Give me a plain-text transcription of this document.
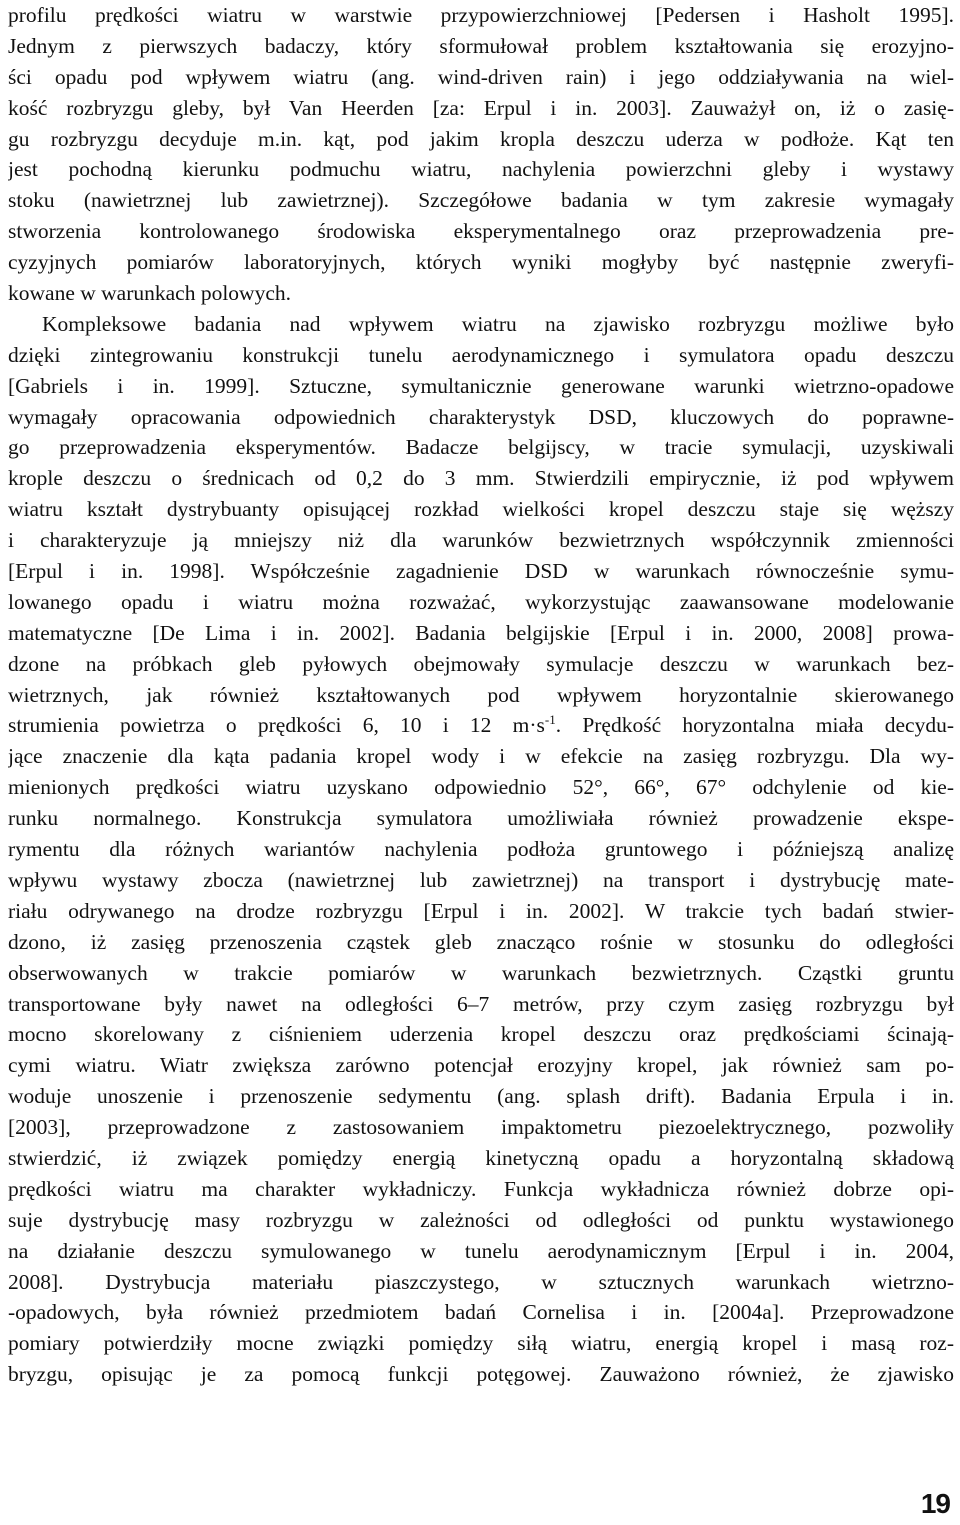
profilu prędkości wiatru w warstwie przypowierzchniowej [Pedersen i Hasholt 1995].
Jednym z pierwszych badaczy, który sformułował problem kształtowania się erozyjno-
ści opadu pod wpływem wiatru (ang. wind-driven rain) i jego oddziaływania na wiel-
kość rozbryzgu gleby, był Van Heerden [za: Erpul i in. 2003]. Zauważył on, iż o zasię-
gu rozbryzgu decyduje m.in. kąt, pod jakim kropla deszczu uderza w podłoże. Kąt ten
jest pochodną kierunku podmuchu wiatru, nachylenia powierzchni gleby i wystawy
stoku (nawietrznej lub zawietrznej). Szczegółowe badania w tym zakresie wymagały
stworzenia kontrolowanego środowiska eksperymentalnego oraz przeprowadzenia pre-
cyzyjnych pomiarów laboratoryjnych, których wyniki mogłyby być następnie zweryfi-
kowane w warunkach polowych.
Kompleksowe badania nad wpływem wiatru na zjawisko rozbryzgu możliwe było
dzięki zintegrowaniu konstrukcji tunelu aerodynamicznego i symulatora opadu deszczu
[Gabriels i in. 1999]. Sztuczne, symultanicznie generowane warunki wietrzno-opadowe
wymagały opracowania odpowiednich charakterystyk DSD, kluczowych do poprawne-
go przeprowadzenia eksperymentów. Badacze belgijscy, w tracie symulacji, uzyskiwali
krople deszczu o średnicach od 0,2 do 3 mm. Stwierdzili empirycznie, iż pod wpływem
wiatru kształt dystrybuanty opisującej rozkład wielkości kropel deszczu staje się węższy
i charakteryzuje ją mniejszy niż dla warunków bezwietrznych współczynnik zmienności
[Erpul i in. 1998]. Współcześnie zagadnienie DSD w warunkach równocześnie symu-
lowanego opadu i wiatru można rozważać, wykorzystując zaawansowane modelowanie
matematyczne [De Lima i in. 2002]. Badania belgijskie [Erpul i in. 2000, 2008] prowa-
dzone na próbkach gleb pyłowych obejmowały symulacje deszczu w warunkach bez-
wietrznych, jak również kształtowanych pod wpływem horyzontalnie skierowanego
strumienia powietrza o prędkości 6, 10 i 12 $m\cdot s^{-1}$. Prędkość horyzontalna miała decydu-
jące znaczenie dla kąta padania kropel wody i w efekcie na zasięg rozbryzgu. Dla wy-
mienionych prędkości wiatru uzyskano odpowiednio 52°, 66°, 67° odchylenie od kie-
runku normalnego. Konstrukcja symulatora umożliwiała również prowadzenie ekspe-
rymentu dla różnych wariantów nachylenia podłoża gruntowego i późniejszą analizę
wpływu wystawy zbocza (nawietrznej lub zawietrznej) na transport i dystrybucję mate-
riału odrywanego na drodze rozbryzgu [Erpul i in. 2002]. W trakcie tych badań stwier-
dzono, iż zasięg przenoszenia cząstek gleb znacząco rośnie w stosunku do odległości
obserwowanych w trakcie pomiarów w warunkach bezwietrznych. Cząstki gruntu
transportowane były nawet na odległości 6–7 metrów, przy czym zasięg rozbryzgu był
mocno skorelowany z ciśnieniem uderzenia kropel deszczu oraz prędkościami ścinają-
cymi wiatru. Wiatr zwiększa zarówno potencjał erozyjny kropel, jak również sam po-
woduje unoszenie i przenoszenie sedymentu (ang. splash drift). Badania Erpula i in.
[2003], przeprowadzone z zastosowaniem impaktometru piezoelektrycznego, pozwoliły
stwierdzić, iż związek pomiędzy energią kinetyczną opadu a horyzontalną składową
prędkości wiatru ma charakter wykładniczy. Funkcja wykładnicza również dobrze opi-
suje dystrybucję masy rozbryzgu w zależności od odległości od punktu wystawionego
na działanie deszczu symulowanego w tunelu aerodynamicznym [Erpul i in. 2004,
2008]. Dystrybucja materiału piaszczystego, w sztucznych warunkach wietrzno-
-opadowych, była również przedmiotem badań Cornelisa i in. [2004a]. Przeprowadzone
pomiary potwierdziły mocne związki pomiędzy siłą wiatru, energią kropel i masą roz-
bryzgu, opisując je za pomocą funkcji potęgowej. Zauważono również, że zjawisko
19
